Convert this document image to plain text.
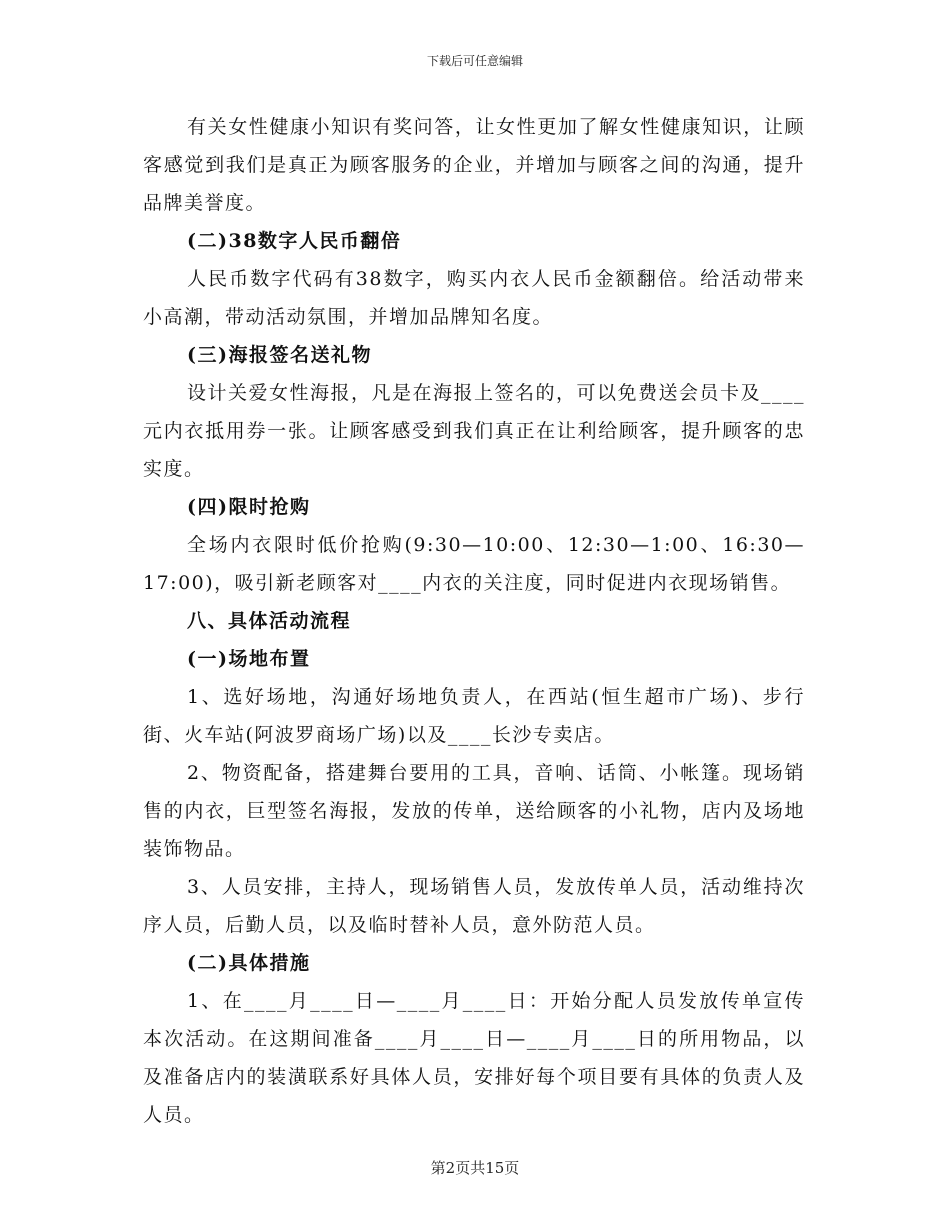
下载后可任意编辑

有关女性健康小知识有奖问答，让女性更加了解女性健康知识，让顾客感觉到我们是真正为顾客服务的企业，并增加与顾客之间的沟通，提升品牌美誉度。

(二)38数字人民币翻倍

人民币数字代码有38数字，购买内衣人民币金额翻倍。给活动带来小高潮，带动活动氛围，并增加品牌知名度。

(三)海报签名送礼物

设计关爱女性海报，凡是在海报上签名的，可以免费送会员卡及____元内衣抵用券一张。让顾客感受到我们真正在让利给顾客，提升顾客的忠实度。

(四)限时抢购

全场内衣限时低价抢购(9:30—10:00、12:30—1:00、16:30—17:00)，吸引新老顾客对____内衣的关注度，同时促进内衣现场销售。

八、具体活动流程

(一)场地布置

1、选好场地，沟通好场地负责人，在西站(恒生超市广场)、步行街、火车站(阿波罗商场广场)以及____长沙专卖店。

2、物资配备，搭建舞台要用的工具，音响、话筒、小帐篷。现场销售的内衣，巨型签名海报，发放的传单，送给顾客的小礼物，店内及场地装饰物品。

3、人员安排，主持人，现场销售人员，发放传单人员，活动维持次序人员，后勤人员，以及临时替补人员，意外防范人员。

(二)具体措施

1、在____月____日—____月____日：开始分配人员发放传单宣传本次活动。在这期间准备____月____日—____月____日的所用物品，以及准备店内的装潢联系好具体人员，安排好每个项目要有具体的负责人及人员。

第2页共15页
